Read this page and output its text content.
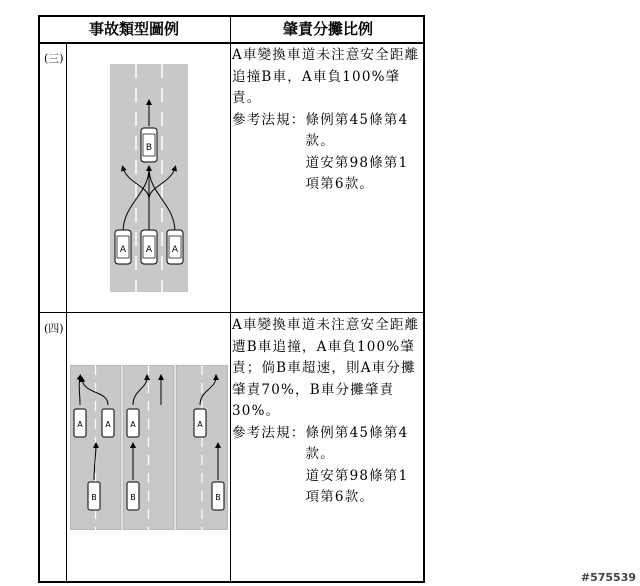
事故類型圖例	肇責分攤比例
(三)
(四)

A車變換車道未注意安全距離追撞B車，A車負100%肇責。

參考法規： 條例第45條第4款。

道安第98條第1項第6款。

A車變換車道未注意安全距離遭B車追撞，A車負100%肇責；倘B車超速，則A車分攤肇責70%，B車分攤肇責30%。

參考法規： 條例第45條第4款。

道安第98條第1項第6款。

B
A A A
A	A
B
A
B
A
B
#575539
